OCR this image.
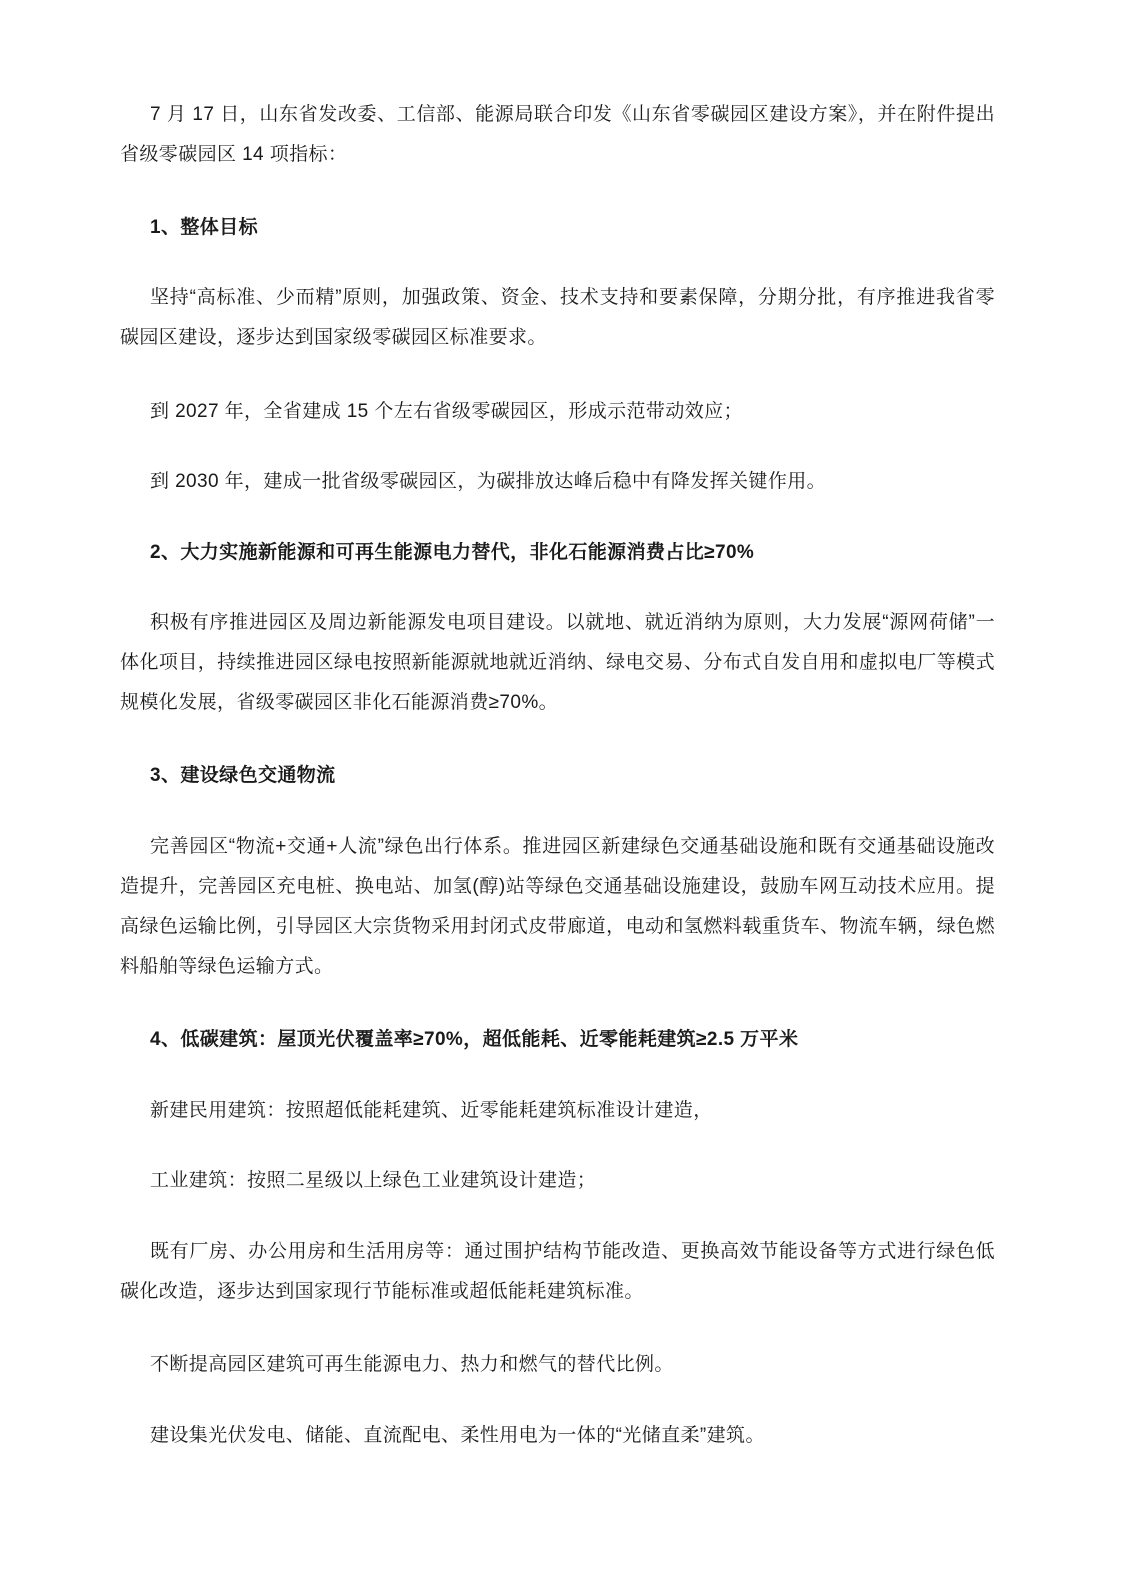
7 月 17 日，山东省发改委、工信部、能源局联合印发《山东省零碳园区建设方案》，并在附件提出省级零碳园区 14 项指标：

1、整体目标

坚持“高标准、少而精”原则，加强政策、资金、技术支持和要素保障，分期分批，有序推进我省零碳园区建设，逐步达到国家级零碳园区标准要求。

到 2027 年，全省建成 15 个左右省级零碳园区，形成示范带动效应；

到 2030 年，建成一批省级零碳园区，为碳排放达峰后稳中有降发挥关键作用。

2、大力实施新能源和可再生能源电力替代，非化石能源消费占比≥70%

积极有序推进园区及周边新能源发电项目建设。以就地、就近消纳为原则，大力发展“源网荷储”一体化项目，持续推进园区绿电按照新能源就地就近消纳、绿电交易、分布式自发自用和虚拟电厂等模式规模化发展，省级零碳园区非化石能源消费≥70%。

3、建设绿色交通物流

完善园区“物流+交通+人流”绿色出行体系。推进园区新建绿色交通基础设施和既有交通基础设施改造提升，完善园区充电桩、换电站、加氢(醇)站等绿色交通基础设施建设，鼓励车网互动技术应用。提高绿色运输比例，引导园区大宗货物采用封闭式皮带廊道，电动和氢燃料载重货车、物流车辆，绿色燃料船舶等绿色运输方式。

4、低碳建筑：屋顶光伏覆盖率≥70%，超低能耗、近零能耗建筑≥2.5 万平米

新建民用建筑：按照超低能耗建筑、近零能耗建筑标准设计建造，

工业建筑：按照二星级以上绿色工业建筑设计建造；

既有厂房、办公用房和生活用房等：通过围护结构节能改造、更换高效节能设备等方式进行绿色低碳化改造，逐步达到国家现行节能标准或超低能耗建筑标准。

不断提高园区建筑可再生能源电力、热力和燃气的替代比例。

建设集光伏发电、储能、直流配电、柔性用电为一体的“光储直柔”建筑。
